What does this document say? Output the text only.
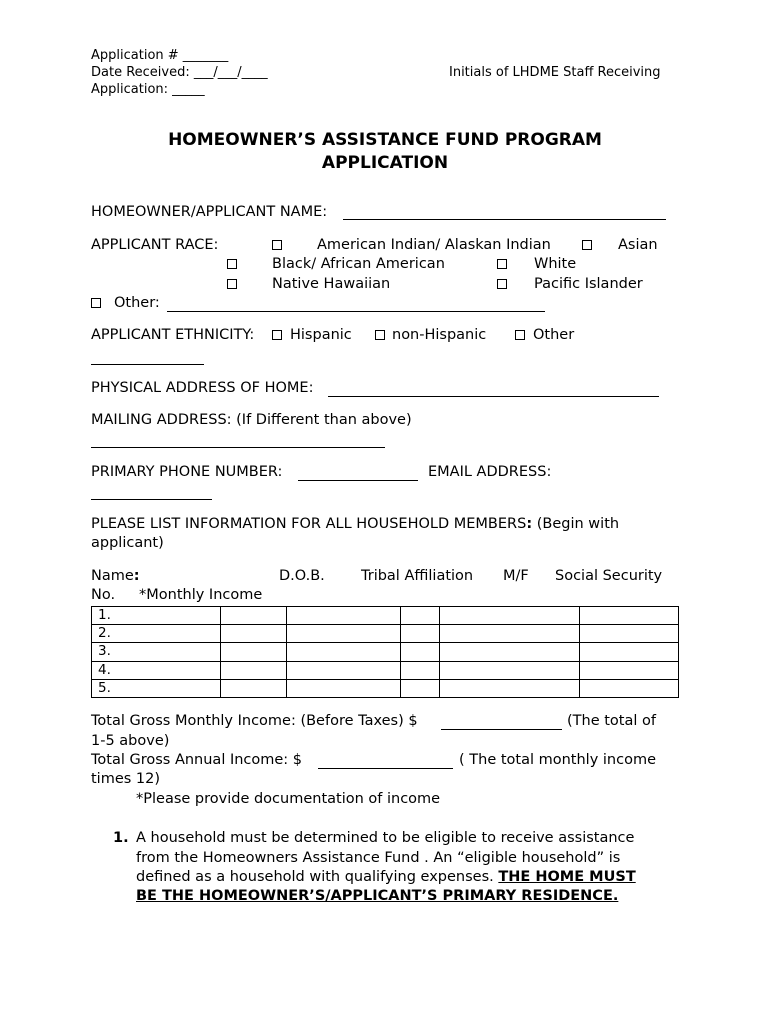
Application # _______
Date Received: ___/___/____
Application: _____
Initials of LHDME Staff Receiving
HOMEOWNER’S ASSISTANCE FUND PROGRAM
APPLICATION
HOMEOWNER/APPLICANT NAME:
APPLICANT RACE:	American Indian/ Alaskan Indian	Asian
Black/ African American	White
Native Hawaiian	Pacific Islander
Other:
APPLICANT ETHNICITY: Hispanic	non-Hispanic	Other
PHYSICAL ADDRESS OF HOME:
MAILING ADDRESS: (If Different than above)
PRIMARY PHONE NUMBER:	EMAIL ADDRESS:
PLEASE LIST INFORMATION FOR ALL HOUSEHOLD MEMBERS: (Begin with
applicant)
Name:	D.O.B. Tribal Affiliation M/F Social Security
No. *Monthly Income
1.					
2.					
3.					
4.					
5.					
Total Gross Monthly Income: (Before Taxes) $	(The total of
1-5 above)
Total Gross Annual Income: $	( The total monthly income
times 12)
*Please provide documentation of income
1. A household must be determined to be eligible to receive assistance
from the Homeowners Assistance Fund . An “eligible household” is
defined as a household with qualifying expenses. THE HOME MUST
BE THE HOMEOWNER’S/APPLICANT’S PRIMARY RESIDENCE.
